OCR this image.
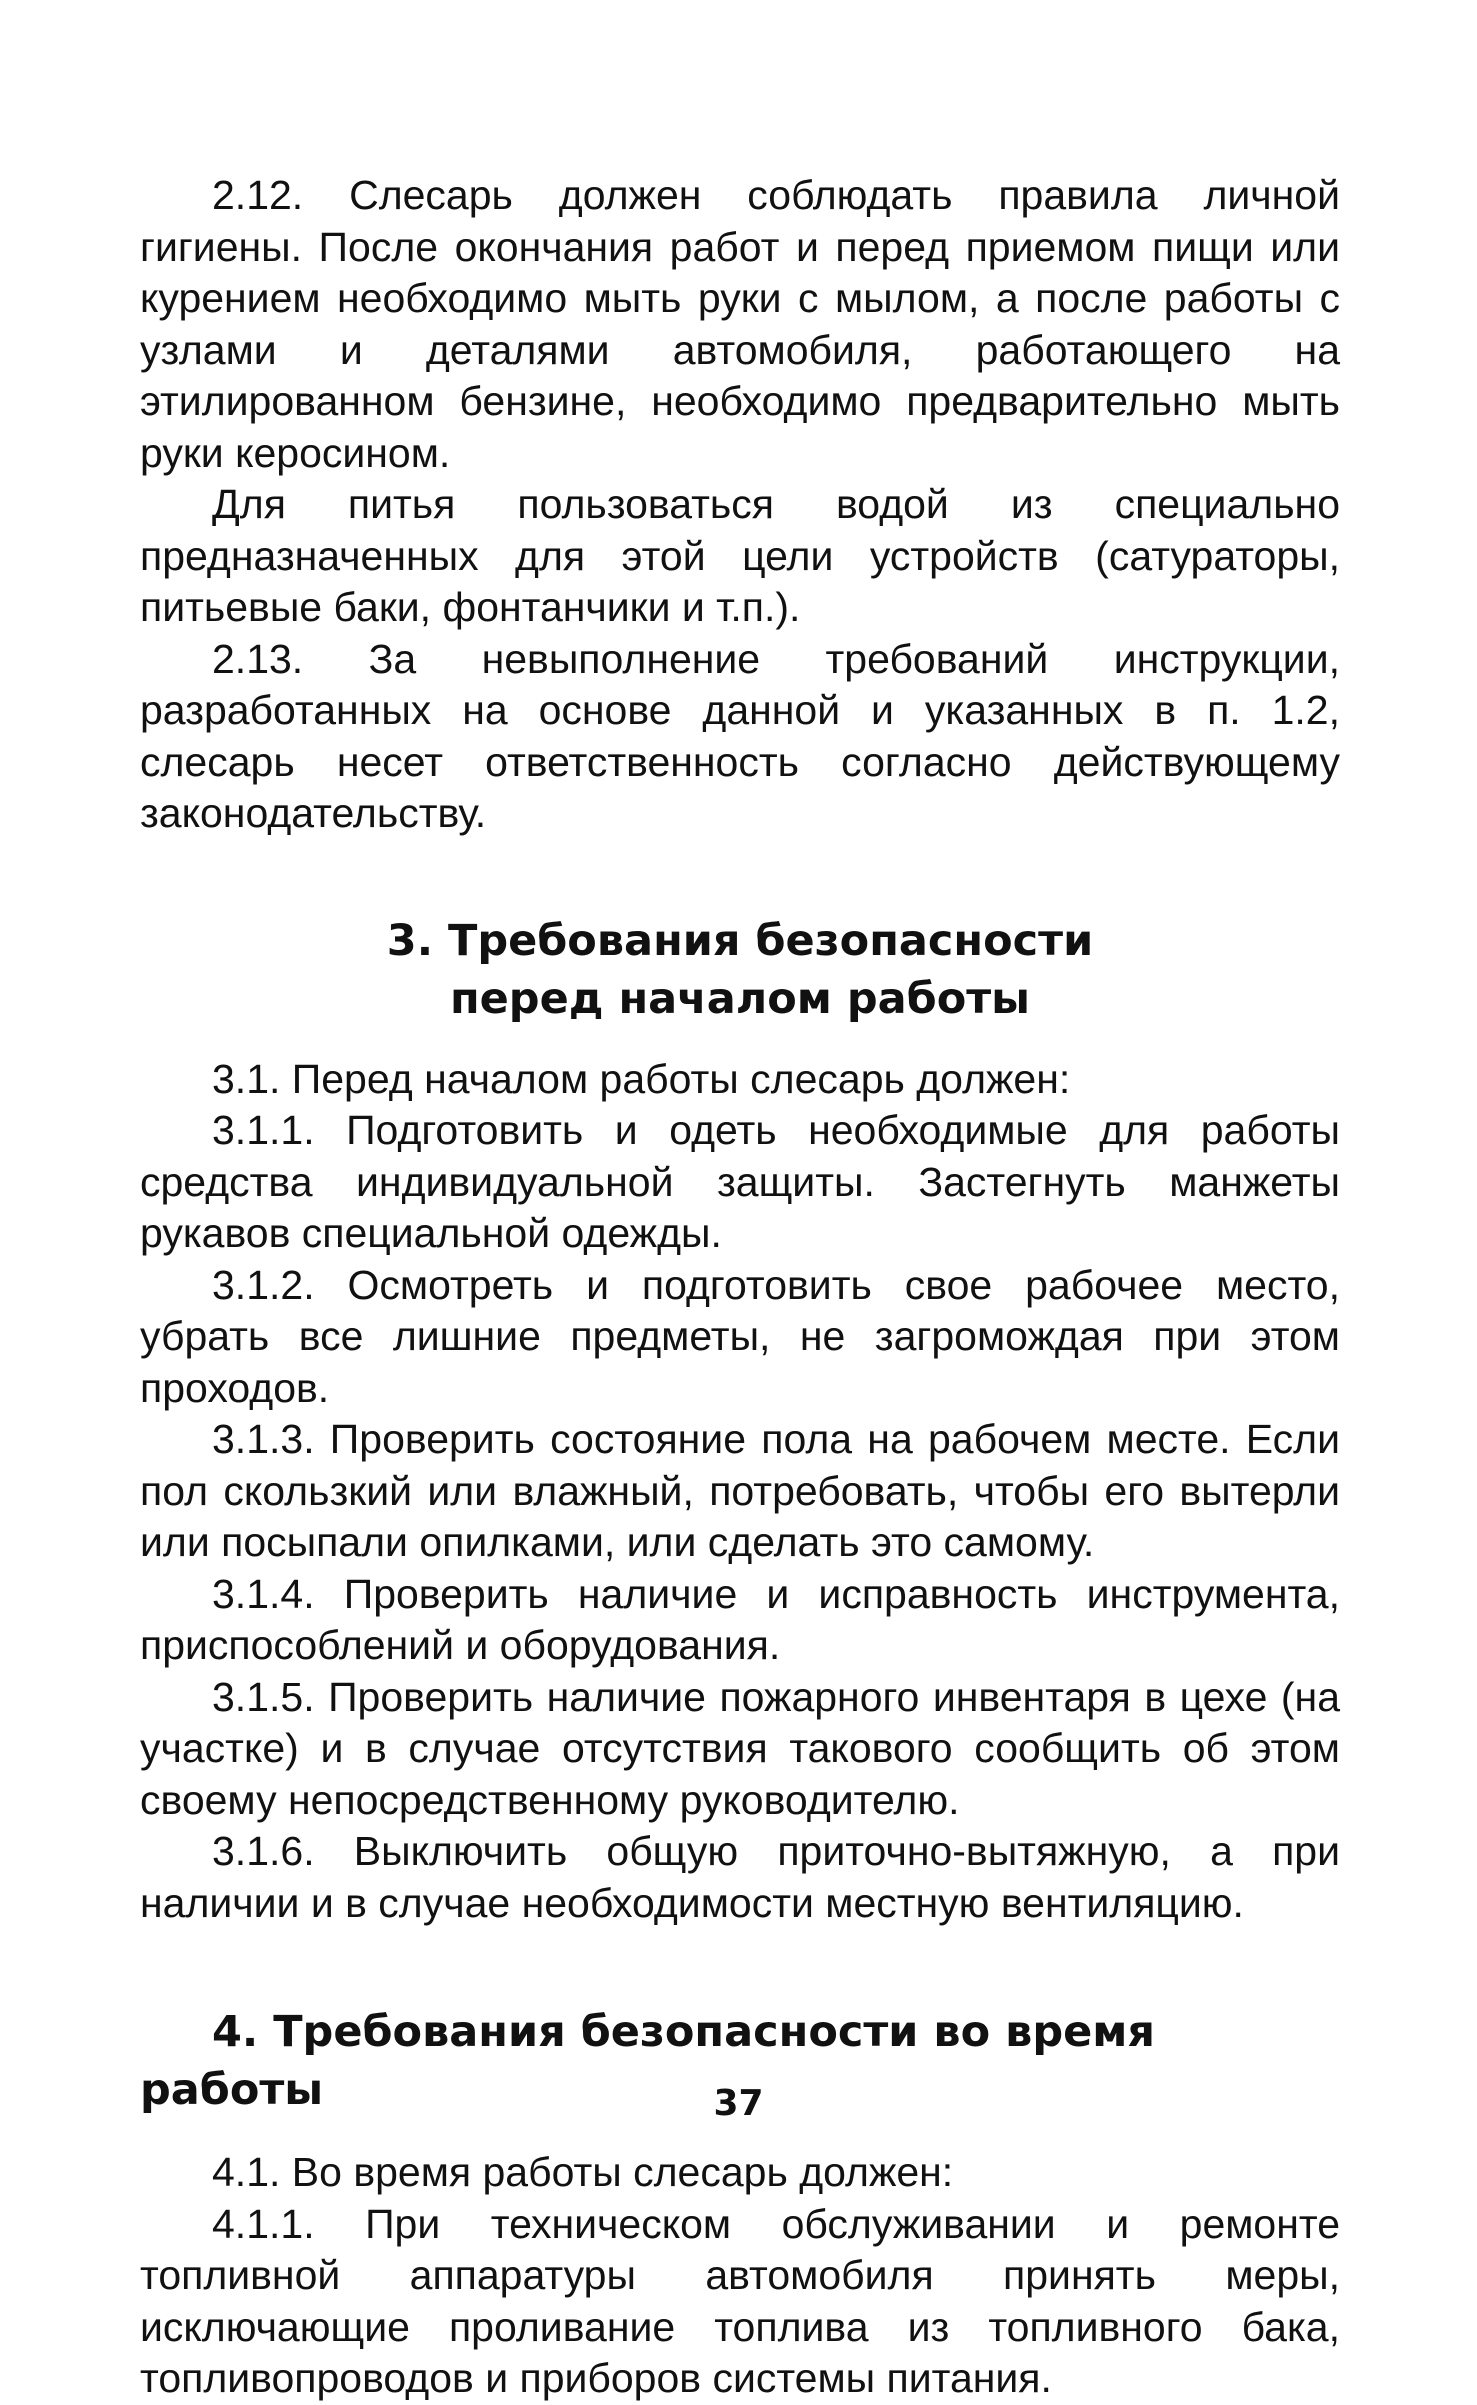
2.12. Слесарь должен соблюдать правила личной гигиены. После окончания работ и перед приемом пищи или курением необходимо мыть руки с мылом, а после работы с узлами и деталями автомобиля, работающего на этилированном бензине, необходимо предварительно мыть руки керосином.

Для питья пользоваться водой из специально предназначенных для этой цели устройств (сатураторы, питьевые баки, фонтанчики и т.п.).

2.13. За невыполнение требований инструкции, разработанных на основе данной и указанных в п. 1.2, слесарь несет ответственность согласно действующему законодательству.

3. Требования безопасности
перед началом работы

3.1. Перед началом работы слесарь должен:

3.1.1. Подготовить и одеть необходимые для работы средства индивидуальной защиты. Застегнуть манжеты рукавов специальной одежды.

3.1.2. Осмотреть и подготовить свое рабочее место, убрать все лишние предметы, не загромождая при этом проходов.

3.1.3. Проверить состояние пола на рабочем месте. Если пол скользкий или влажный, потребовать, чтобы его вытерли или посыпали опилками, или сделать это самому.

3.1.4. Проверить наличие и исправность инструмента, приспособлений и оборудования.

3.1.5. Проверить наличие пожарного инвентаря в цехе (на участке) и в случае отсутствия такового сообщить об этом своему непосредственному руководителю.

3.1.6. Выключить общую приточно-вытяжную, а при наличии и в случае необходимости местную вентиляцию.

4. Требования безопасности во время работы

4.1. Во время работы слесарь должен:

4.1.1. При техническом обслуживании и ремонте топливной аппаратуры автомобиля принять меры, исключающие проливание топлива из топливного бака, топливопроводов и приборов системы питания.

37
